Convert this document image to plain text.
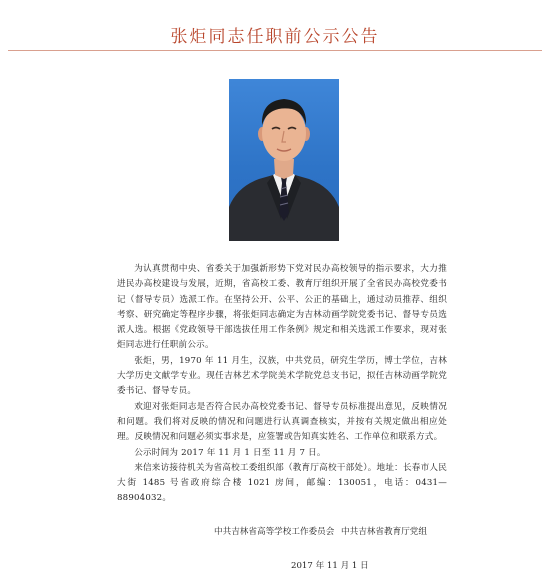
张炬同志任职前公示公告

为认真贯彻中央、省委关于加强新形势下党对民办高校领导的指示要求，大力推进民办高校建设与发展，近期，省高校工委、教育厅组织开展了全省民办高校党委书记（督导专员）选派工作。在坚持公开、公平、公正的基础上，通过动员推荐、组织考察、研究确定等程序步骤，将张炬同志确定为吉林动画学院党委书记、督导专员选派人选。根据《党政领导干部选拔任用工作条例》规定和相关选派工作要求，现对张炬同志进行任职前公示。

张炬，男，1970 年 11 月生，汉族，中共党员，研究生学历，博士学位，吉林大学历史文献学专业。现任吉林艺术学院美术学院党总支书记，拟任吉林动画学院党委书记、督导专员。

欢迎对张炬同志是否符合民办高校党委书记、督导专员标准提出意见，反映情况和问题。我们将对反映的情况和问题进行认真调查核实，并按有关规定做出相应处理。反映情况和问题必须实事求是，应签署或告知真实姓名、工作单位和联系方式。

公示时间为 2017 年 11 月 1 日至 11 月 7 日。

来信来访接待机关为省高校工委组织部（教育厅高校干部处）。地址：长春市人民大街 1485 号省政府综合楼 1021 房间，邮编：130051，电话：0431—88904032。

中共吉林省高等学校工作委员会 中共吉林省教育厅党组
2017 年 11 月 1 日
